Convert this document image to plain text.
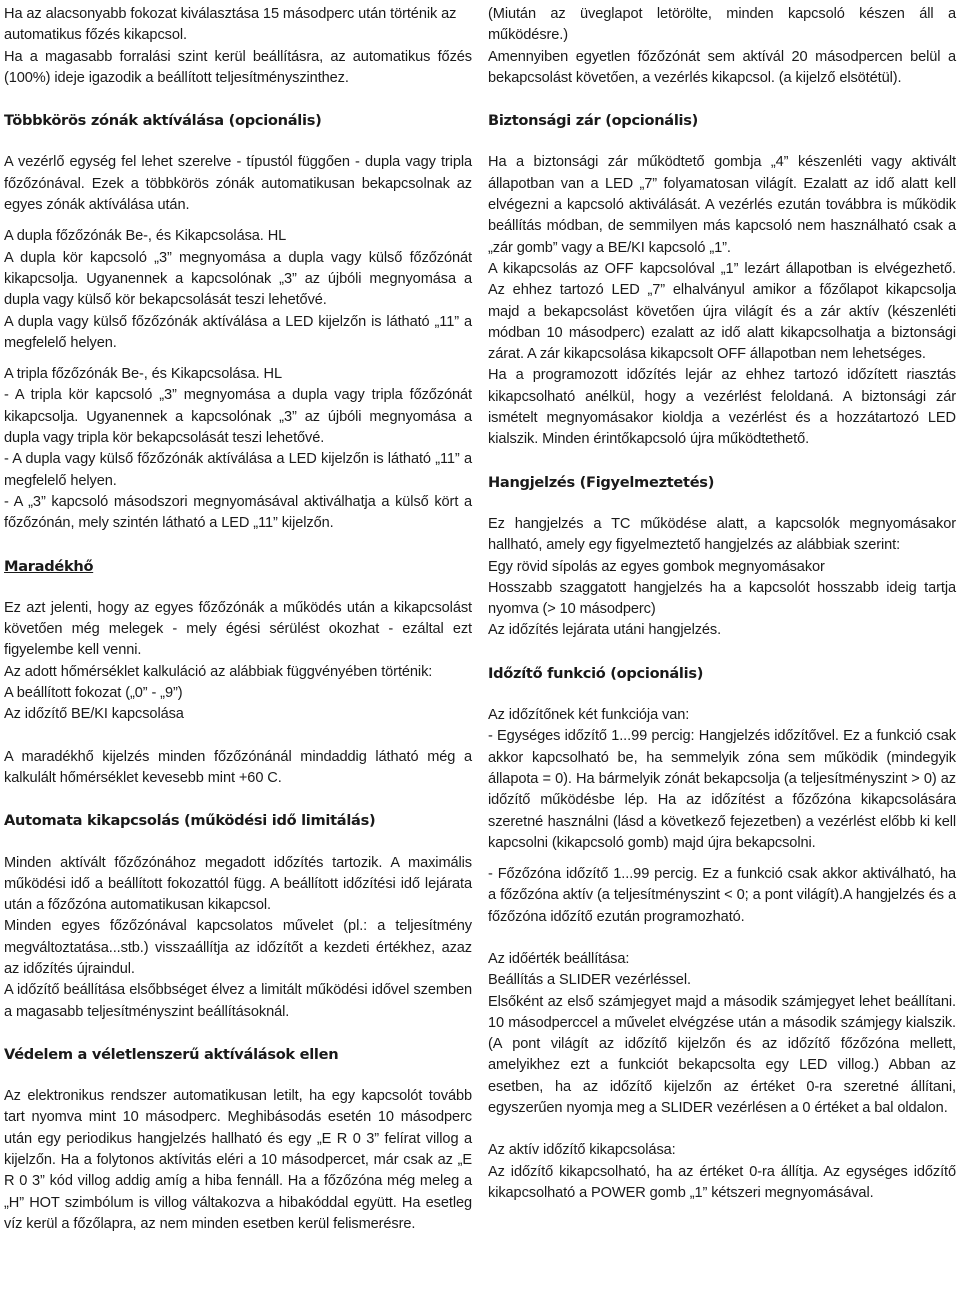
Ha az alacsonyabb fokozat kiválasztása 15 másodperc után történik az automatikus főzés kikapcsol.

Ha a magasabb forralási szint kerül beállításra, az automatikus főzés (100%) ideje igazodik a beállított teljesítményszinthez.

Többkörös zónák aktíválása (opcionális)

A vezérlő egység fel lehet szerelve - típustól függően - dupla vagy tripla főzőzónával. Ezek a többkörös zónák automatikusan bekapcsolnak az egyes zónák aktíválása után.

A dupla főzőzónák Be-, és Kikapcsolása. HL

A dupla kör kapcsoló „3” megnyomása a dupla vagy külső főzőzónát kikapcsolja. Ugyanennek a kapcsolónak „3” az újbóli megnyomása a dupla vagy külső kör bekapcsolását teszi lehetővé.

A dupla vagy külső főzőzónák aktíválása a LED kijelzőn is látható „11” a megfelelő helyen.

A tripla főzőzónák Be-, és Kikapcsolása. HL

- A tripla kör kapcsoló „3” megnyomása a dupla vagy tripla főzőzónát kikapcsolja. Ugyanennek a kapcsolónak „3” az újbóli megnyomása a dupla vagy tripla kör bekapcsolását teszi lehetővé.

- A dupla vagy külső főzőzónák aktíválása a LED kijelzőn is látható „11” a megfelelő helyen.

- A „3” kapcsoló másodszori megnyomásával aktiválhatja a külső kört a főzőzónán, mely szintén látható a LED „11” kijelzőn.

Maradékhő

Ez azt jelenti, hogy az egyes főzőzónák a működés után a kikapcsolást követően még melegek - mely égési sérülést okozhat - ezáltal ezt figyelembe kell venni.

Az adott hőmérséklet kalkuláció az alábbiak függvényében történik:

A beállított fokozat („0” - „9”)

Az időzítő BE/KI kapcsolása

A maradékhő kijelzés minden főzőzónánál mindaddig látható még a kalkulált hőmérséklet kevesebb mint +60 C.

Automata kikapcsolás (működési idő limitálás)

Minden aktívált főzőzónához megadott időzítés tartozik. A maximális működési idő a beállított fokozattól függ. A beállított időzítési idő lejárata után a főzőzóna automatikusan kikapcsol.

Minden egyes főzőzónával kapcsolatos művelet (pl.: a teljesítmény megváltoztatása...stb.) visszaállítja az időzítőt a kezdeti értékhez, azaz az időzítés újraindul.

A időzítő beállítása elsőbbséget élvez a limitált működési idővel szemben a magasabb teljesítményszint beállításoknál.

Védelem a véletlenszerű aktíválások ellen

Az elektronikus rendszer automatikusan letilt, ha egy kapcsolót tovább tart nyomva mint 10 másodperc. Meghibásodás esetén 10 másodperc után egy periodikus hangjelzés hallható és egy „E R 0 3” felírat villog a kijelzőn. Ha a folytonos aktívitás eléri a 10 másodpercet, már csak az „E R 0 3” kód villog addig amíg a hiba fennáll. Ha a főzőzóna még meleg a „H” HOT szimbólum is villog váltakozva a hibakóddal együtt. Ha esetleg víz kerül a főzőlapra, az nem minden esetben kerül felismerésre.

(Miután az üveglapot letörölte, minden kapcsoló készen áll a működésre.)

Amennyiben egyetlen főzőzónát sem aktívál 20 másodpercen belül a bekapcsolást követően, a vezérlés kikapcsol. (a kijelző elsötétül).

Biztonsági zár (opcionális)

Ha a biztonsági zár működtető gombja „4” készenléti vagy aktivált állapotban van a LED „7” folyamatosan világít. Ezalatt az idő alatt kell elvégezni a kapcsoló aktiválását. A vezérlés ezután továbbra is működik beállítás módban, de semmilyen más kapcsoló nem használható csak a „zár gomb” vagy a BE/KI kapcsoló „1”.

A kikapcsolás az OFF kapcsolóval „1” lezárt állapotban is elvégezhető. Az ehhez tartozó LED „7” elhalványul amikor a főzőlapot kikapcsolja majd a bekapcsolást követően újra világít és a zár aktív (készenléti módban 10 másodperc) ezalatt az idő alatt kikapcsolhatja a biztonsági zárat. A zár kikapcsolása kikapcsolt OFF állapotban nem lehetséges.

Ha a programozott időzítés lejár az ehhez tartozó időzített riasztás kikapcsolható anélkül, hogy a vezérlést feloldaná. A biztonsági zár ismételt megnyomásakor kioldja a vezérlést és a hozzátartozó LED kialszik. Minden érintőkapcsoló újra működtethető.

Hangjelzés (Figyelmeztetés)

Ez hangjelzés a TC működése alatt, a kapcsolók megnyomásakor hallható, amely egy figyelmeztető hangjelzés az alábbiak szerint:

Egy rövid sípolás az egyes gombok megnyomásakor

Hosszabb szaggatott hangjelzés ha a kapcsolót hosszabb ideig tartja nyomva (> 10 másodperc)

Az időzítés lejárata utáni hangjelzés.

Időzítő funkció (opcionális)

Az időzítőnek két funkciója van:

- Egységes időzítő 1...99 percig: Hangjelzés időzítővel. Ez a funkció csak akkor kapcsolható be, ha semmelyik zóna sem működik (mindegyik állapota = 0). Ha bármelyik zónát bekapcsolja (a teljesítményszint > 0) az időzítő működésbe lép. Ha az időzítést a főzőzóna kikapcsolására szeretné használni (lásd a következő fejezetben) a vezérlést előbb ki kell kapcsolni (kikapcsoló gomb) majd újra bekapcsolni.

- Főzőzóna időzítő 1...99 percig. Ez a funkció csak akkor aktiválható, ha a főzőzóna aktív (a teljesítményszint < 0; a pont világít).A hangjelzés és a főzőzóna időzítő ezután programozható.

Az időérték beállítása:

Beállítás a SLIDER vezérléssel.

Elsőként az első számjegyet majd a második számjegyet lehet beállítani. 10 másodperccel a művelet elvégzése után a második számjegy kialszik. (A pont világít az időzítő kijelzőn és az időzítő főzőzóna mellett, amelyikhez ezt a funkciót bekapcsolta egy LED villog.) Abban az esetben, ha az időzítő kijelzőn az értéket 0-ra szeretné állítani, egyszerűen nyomja meg a SLIDER vezérlésen a 0 értéket a bal oldalon.

Az aktív időzítő kikapcsolása:

Az időzítő kikapcsolható, ha az értéket 0-ra állítja. Az egységes időzítő kikapcsolható a POWER gomb „1” kétszeri megnyomásával.
